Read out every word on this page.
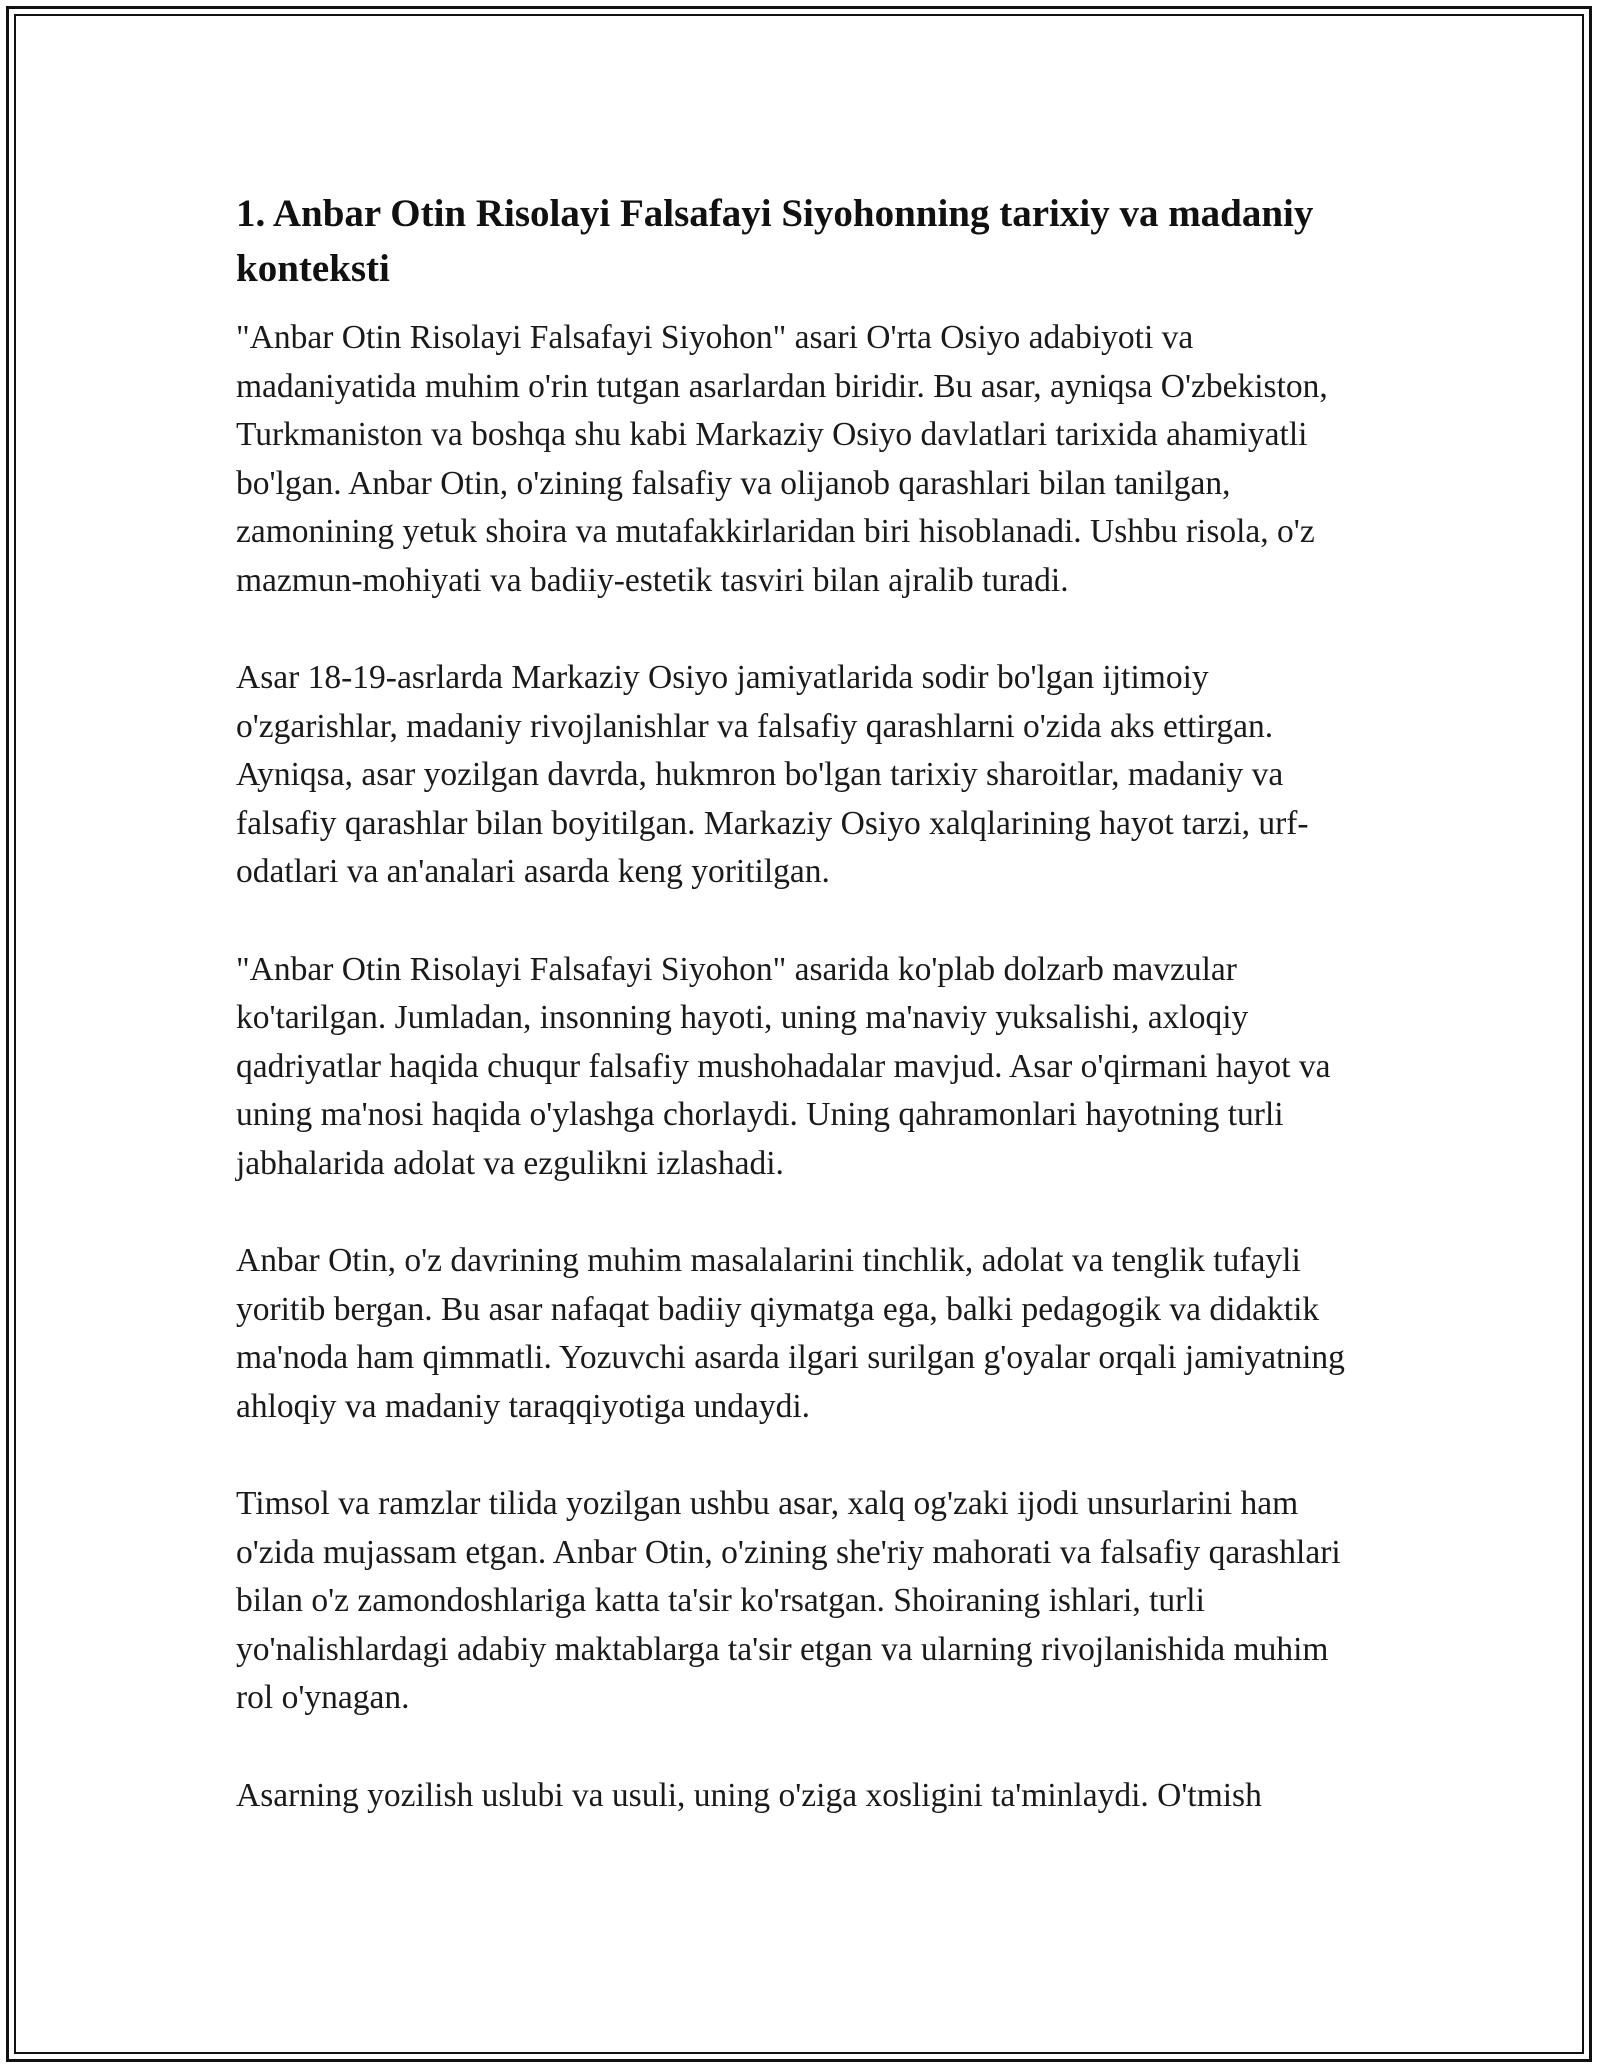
1. Anbar Otin Risolayi Falsafayi Siyohonning tarixiy va madaniy konteksti

"Anbar Otin Risolayi Falsafayi Siyohon" asari O'rta Osiyo adabiyoti va madaniyatida muhim o'rin tutgan asarlardan biridir. Bu asar, ayniqsa O'zbekiston, Turkmaniston va boshqa shu kabi Markaziy Osiyo davlatlari tarixida ahamiyatli bo'lgan. Anbar Otin, o'zining falsafiy va olijanob qarashlari bilan tanilgan, zamonining yetuk shoira va mutafakkirlaridan biri hisoblanadi. Ushbu risola, o'z mazmun-mohiyati va badiiy-estetik tasviri bilan ajralib turadi.

Asar 18-19-asrlarda Markaziy Osiyo jamiyatlarida sodir bo'lgan ijtimoiy o'zgarishlar, madaniy rivojlanishlar va falsafiy qarashlarni o'zida aks ettirgan. Ayniqsa, asar yozilgan davrda, hukmron bo'lgan tarixiy sharoitlar, madaniy va falsafiy qarashlar bilan boyitilgan. Markaziy Osiyo xalqlarining hayot tarzi, urf-odatlari va an'analari asarda keng yoritilgan.

"Anbar Otin Risolayi Falsafayi Siyohon" asarida ko'plab dolzarb mavzular ko'tarilgan. Jumladan, insonning hayoti, uning ma'naviy yuksalishi, axloqiy qadriyatlar haqida chuqur falsafiy mushohadalar mavjud. Asar o'qirmani hayot va uning ma'nosi haqida o'ylashga chorlaydi. Uning qahramonlari hayotning turli jabhalarida adolat va ezgulikni izlashadi.

Anbar Otin, o'z davrining muhim masalalarini tinchlik, adolat va tenglik tufayli yoritib bergan. Bu asar nafaqat badiiy qiymatga ega, balki pedagogik va didaktik ma'noda ham qimmatli. Yozuvchi asarda ilgari surilgan g'oyalar orqali jamiyatning ahloqiy va madaniy taraqqiyotiga undaydi.

Timsol va ramzlar tilida yozilgan ushbu asar, xalq og'zaki ijodi unsurlarini ham o'zida mujassam etgan. Anbar Otin, o'zining she'riy mahorati va falsafiy qarashlari bilan o'z zamondoshlariga katta ta'sir ko'rsatgan. Shoiraning ishlari, turli yo'nalishlardagi adabiy maktablarga ta'sir etgan va ularning rivojlanishida muhim rol o'ynagan.

Asarning yozilish uslubi va usuli, uning o'ziga xosligini ta'minlaydi. O'tmish
